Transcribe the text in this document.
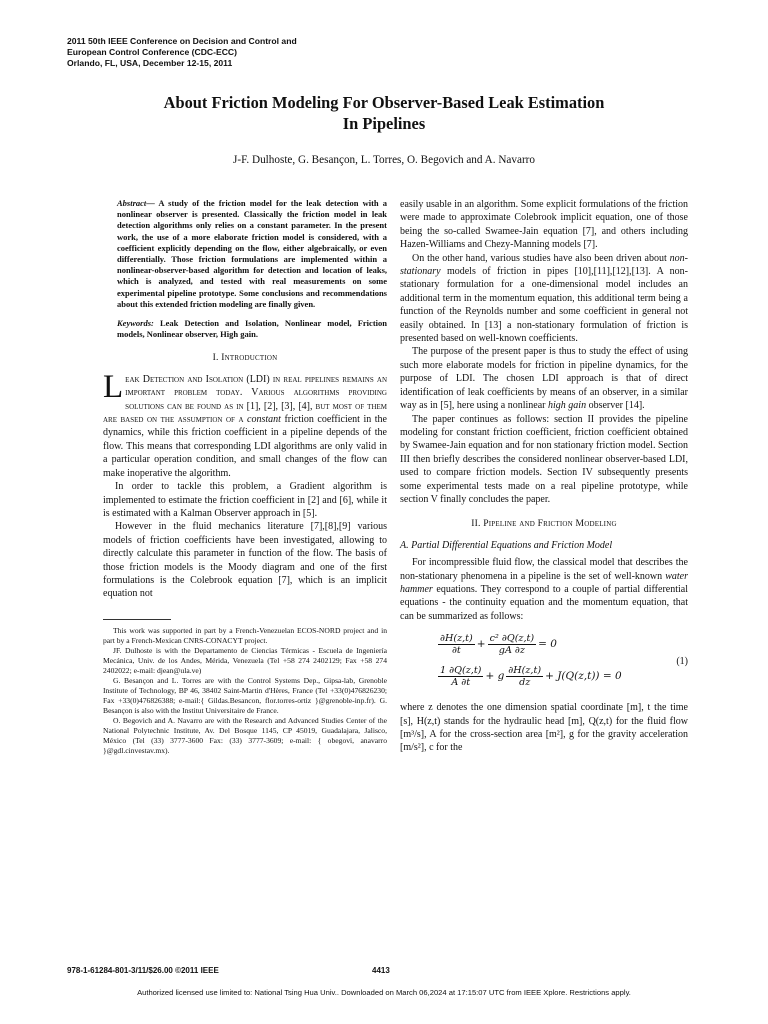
2011 50th IEEE Conference on Decision and Control and
European Control Conference (CDC-ECC)
Orlando, FL, USA, December 12-15, 2011
About Friction Modeling For Observer-Based Leak Estimation
In Pipelines
J-F. Dulhoste, G. Besançon, L. Torres, O. Begovich and A. Navarro
Abstract— A study of the friction model for the leak detection with a nonlinear observer is presented. Classically the friction model in leak detection algorithms only relies on a constant parameter. In the present work, the use of a more elaborate friction model is considered, with a coefficient explicitly depending on the flow, either algebraically, or even differentially. Those friction formulations are implemented within a nonlinear-observer-based algorithm for detection and location of leaks, which is analyzed, and tested with real measurements on some experimental pipeline prototype. Some conclusions and recommendations about this extended friction modeling are finally given.
Keywords: Leak Detection and Isolation, Nonlinear model, Friction models, Nonlinear observer, High gain.
I. Introduction

Leak Detection and Isolation (LDI) in real pipelines remains an important problem today. Various algorithms providing solutions can be found as in [1], [2], [3], [4], but most of them are based on the assumption of a constant friction coefficient in the dynamics, while this friction coefficient in a pipeline depends of the flow. This means that corresponding LDI algorithms are only valid in a particular operation condition, and small changes of the flow can make inoperative the algorithm.

In order to tackle this problem, a Gradient algorithm is implemented to estimate the friction coefficient in [2] and [6], while it is estimated with a Kalman Observer approach in [5].

However in the fluid mechanics literature [7],[8],[9] various models of friction coefficients have been investigated, allowing to directly calculate this parameter in function of the flow. The basis of those friction models is the Moody diagram and one of the first formulations is the Colebrook equation [7], which is an implicit equation not

This work was supported in part by a French-Venezuelan ECOS-NORD project and in part by a French-Mexican CNRS-CONACYT project.

JF. Dulhoste is with the Departamento de Ciencias Térmicas - Escuela de Ingeniería Mecánica, Univ. de los Andes, Mérida, Venezuela (Tel +58 274 2402129; Fax +58 274 2402022; e-mail: djean@ula.ve)

G. Besançon and L. Torres are with the Control Systems Dep., Gipsa-lab, Grenoble Institute of Technology, BP 46, 38402 Saint-Martin d'Hères, France (Tel +33(0)476826230; Fax +33(0)476826388; e-mail:{ Gildas.Besancon, flor.torres-ortiz }@grenoble-inp.fr). G. Besançon is also with the Institut Universitaire de France.

O. Begovich and A. Navarro are with the Research and Advanced Studies Center of the National Polytechnic Institute, Av. Del Bosque 1145, CP 45019, Guadalajara, Jalisco, México (Tel (33) 3777-3600 Fax: (33) 3777-3609; e-mail: { obegovi, anavarro }@gdl.cinvestav.mx).

easily usable in an algorithm. Some explicit formulations of the friction were made to approximate Colebrook implicit equation, one of those being the so-called Swamee-Jain equation [7], and others including Hazen-Williams and Chezy-Manning models [7].

On the other hand, various studies have also been driven about non-stationary models of friction in pipes [10],[11],[12],[13]. A non-stationary formulation for a one-dimensional model includes an additional term in the momentum equation, this additional term being a function of the Reynolds number and some coefficient in general not easily obtained. In [13] a non-stationary formulation of friction is presented based on well-known coefficients.

The purpose of the present paper is thus to study the effect of using such more elaborate models for friction in pipeline dynamics, for the purpose of LDI. The chosen LDI approach is that of direct identification of leak coefficients by means of an observer, in a similar way as in [5], here using a nonlinear high gain observer [14].

The paper continues as follows: section II provides the pipeline modeling for constant friction coefficient, friction coefficient obtained by Swamee-Jain equation and for non stationary friction model. Section III then briefly describes the considered nonlinear observer-based LDI, used to compare friction models. Section IV subsequently presents some experimental tests made on a real pipeline prototype, while section V finally concludes the paper.

II. Pipeline and Friction Modeling
A. Partial Differential Equations and Friction Model

For incompressible fluid flow, the classical model that describes the non-stationary phenomena in a pipeline is the set of well-known water hammer equations. They correspond to a couple of partial differential equations - the continuity equation and the momentum equation, that can be summarized as follows:

$\frac{\partial H(z,t)}{\partial t} + \frac{\text{c² ∂Q(z,t)}}{gA \partial z} = 0$
$\frac{1 \partial Q(z,t)}{A \partial t} + g \frac{\partial H(z,t)}{dz} + J(Q(z,t)) = 0$
(1)

where z denotes the one dimension spatial coordinate [m], t the time [s], H(z,t) stands for the hydraulic head [m], Q(z,t) for the fluid flow [m³/s], A for the cross-section area [m²], g for the gravity acceleration [m/s²], c for the

978-1-61284-801-3/11/$26.00 ©2011 IEEE	4413
Authorized licensed use limited to: National Tsing Hua Univ.. Downloaded on March 06,2024 at 17:15:07 UTC from IEEE Xplore. Restrictions apply.
